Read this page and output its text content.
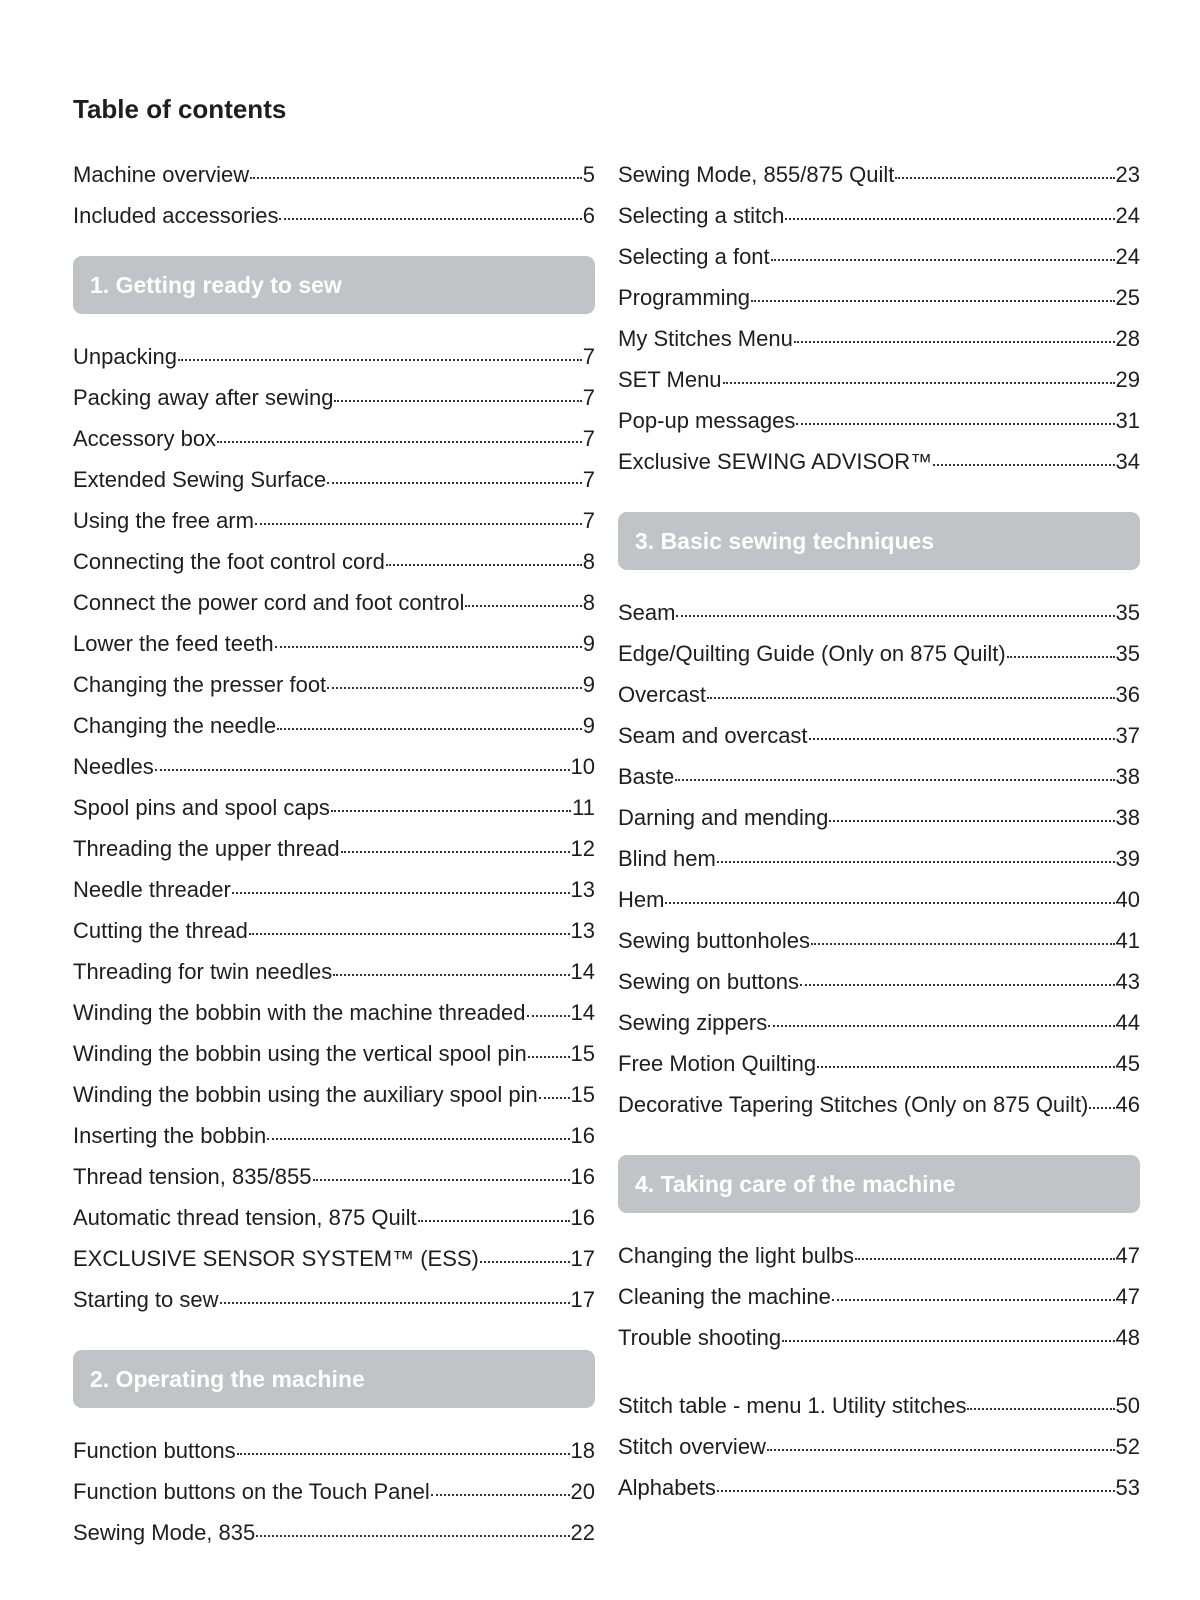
Table of contents
Machine overview	5
Included accessories	6
1. Getting ready to sew
Unpacking	7
Packing away after sewing	7
Accessory box	7
Extended Sewing Surface	7
Using the free arm	7
Connecting the foot control cord	8
Connect the power cord and foot control	8
Lower the feed teeth	9
Changing the presser foot	9
Changing the needle	9
Needles	10
Spool pins and spool caps	11
Threading the upper thread	12
Needle threader	13
Cutting the thread	13
Threading for twin needles	14
Winding the bobbin with the machine threaded 14
Winding the bobbin using the vertical spool pin 15
Winding the bobbin using the auxiliary spool pin 15
Inserting the bobbin	16
Thread tension, 835/855	16
Automatic thread tension, 875 Quilt	16
EXCLUSIVE SENSOR SYSTEM™ (ESS)	17
Starting to sew	17
2. Operating the machine
Function buttons	18
Function buttons on the Touch Panel	20
Sewing Mode, 835	22
Sewing Mode, 855/875 Quilt	23
Selecting a stitch	24
Selecting a font	24
Programming	25
My Stitches Menu	28
SET Menu	29
Pop-up messages	31
Exclusive SEWING ADVISOR™	34
3. Basic sewing techniques
Seam	35
Edge/Quilting Guide (Only on 875 Quilt)	35
Overcast	36
Seam and overcast	37
Baste	38
Darning and mending	38
Blind hem	39
Hem	40
Sewing buttonholes	41
Sewing on buttons	43
Sewing zippers	44
Free Motion Quilting	45
Decorative Tapering Stitches (Only on 875 Quilt) 46
4. Taking care of the machine
Changing the light bulbs	47
Cleaning the machine	47
Trouble shooting	48
Stitch table - menu 1. Utility stitches	50
Stitch overview	52
Alphabets	53
